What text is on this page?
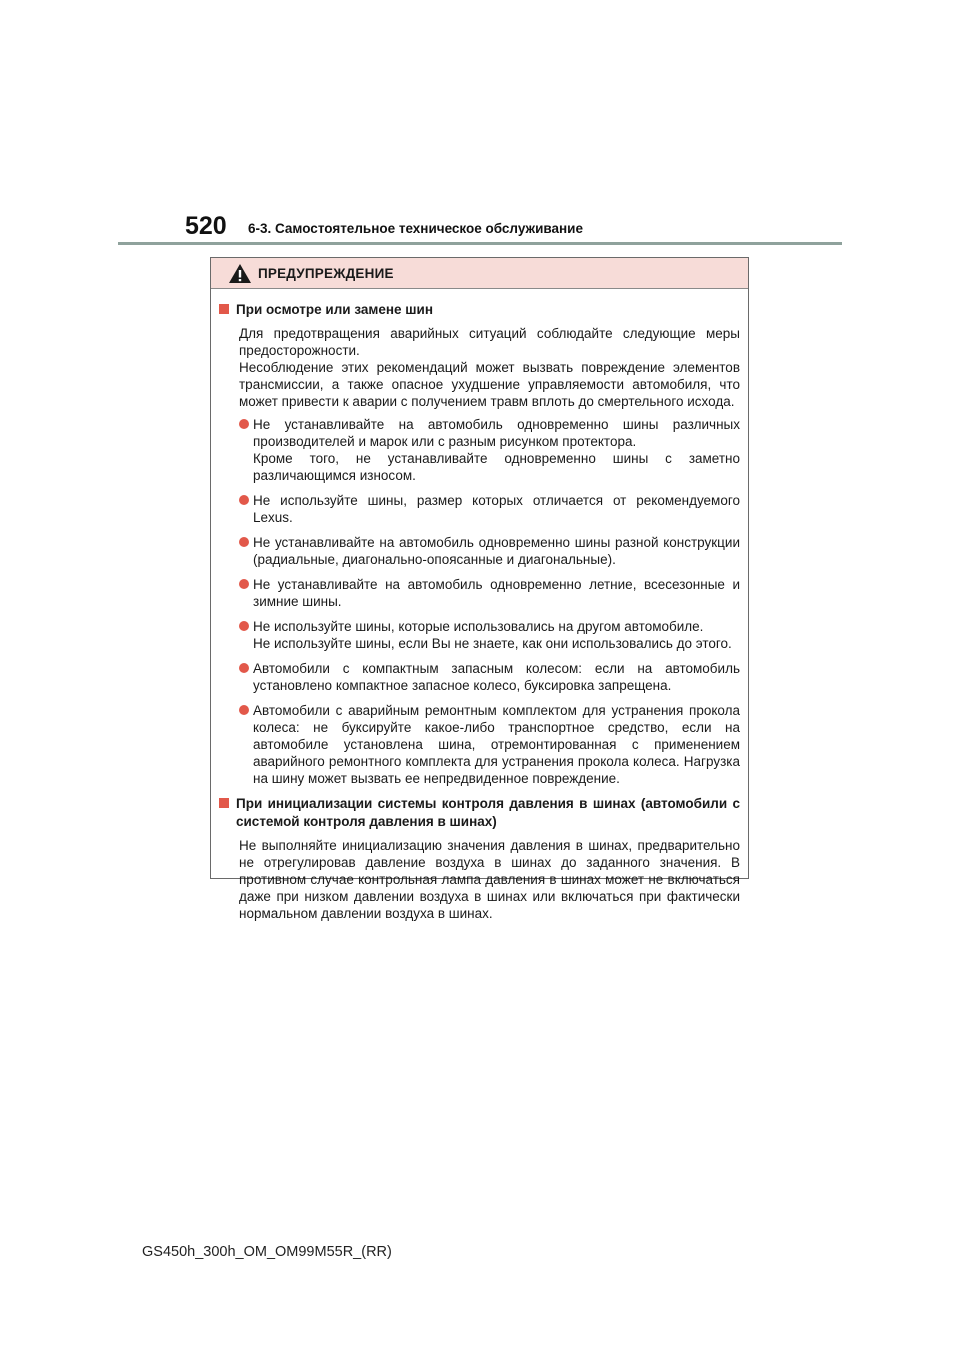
520 6-3. Самостоятельное техническое обслуживание
ПРЕДУПРЕЖДЕНИЕ
При осмотре или замене шин
Для предотвращения аварийных ситуаций соблюдайте следующие меры предосторожности.
Несоблюдение этих рекомендаций может вызвать повреждение элементов трансмиссии, а также опасное ухудшение управляемости автомобиля, что может привести к аварии с получением травм вплоть до смертельного исхода.
Не устанавливайте на автомобиль одновременно шины различных производителей и марок или с разным рисунком протектора.
Кроме того, не устанавливайте одновременно шины с заметно различающимся износом.
Не используйте шины, размер которых отличается от рекомендуемого Lexus.
Не устанавливайте на автомобиль одновременно шины разной конструкции (радиальные, диагонально-опоясанные и диагональные).
Не устанавливайте на автомобиль одновременно летние, всесезонные и зимние шины.
Не используйте шины, которые использовались на другом автомобиле.
Не используйте шины, если Вы не знаете, как они использовались до этого.
Автомобили с компактным запасным колесом: если на автомобиль установлено компактное запасное колесо, буксировка запрещена.
Автомобили с аварийным ремонтным комплектом для устранения прокола колеса: не буксируйте какое-либо транспортное средство, если на автомобиле установлена шина, отремонтированная с применением аварийного ремонтного комплекта для устранения прокола колеса. Нагрузка на шину может вызвать ее непредвиденное повреждение.
При инициализации системы контроля давления в шинах (автомобили с системой контроля давления в шинах)
Не выполняйте инициализацию значения давления в шинах, предварительно не отрегулировав давление воздуха в шинах до заданного значения. В противном случае контрольная лампа давления в шинах может не включаться даже при низком давлении воздуха в шинах или включаться при фактически нормальном давлении воздуха в шинах.
GS450h_300h_OM_OM99M55R_(RR)
